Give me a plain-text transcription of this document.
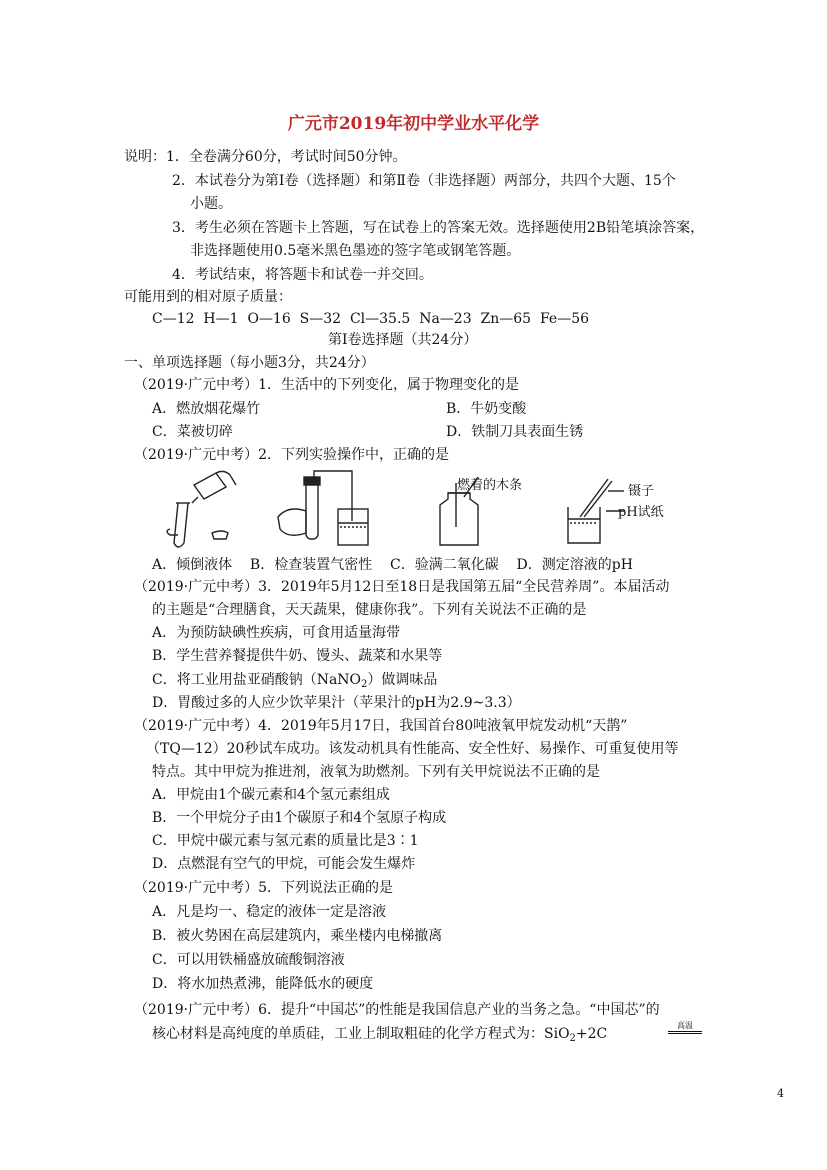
广元市2019年初中学业水平化学
说明：1．全卷满分60分，考试时间50分钟。
2．本试卷分为第Ⅰ卷（选择题）和第Ⅱ卷（非选择题）两部分，共四个大题、15个
小题。
3．考生必须在答题卡上答题，写在试卷上的答案无效。选择题使用2B铅笔填涂答案，
非选择题使用0.5毫米黑色墨迹的签字笔或钢笔答题。
4．考试结束，将答题卡和试卷一并交回。
可能用到的相对原子质量：
C—12  H—1  O—16  S—32  Cl—35.5  Na—23  Zn—65  Fe—56
第Ⅰ卷选择题（共24分）
一、单项选择题（每小题3分，共24分）
（2019·广元中考）1．生活中的下列变化，属于物理变化的是
A．燃放烟花爆竹	B．牛奶变酸
C．菜被切碎	D．铁制刀具表面生锈
（2019·广元中考）2．下列实验操作中，正确的是
燃着的木条	镊子
pH试纸
A．倾倒液体    B．检查装置气密性    C．验满二氧化碳    D．测定溶液的pH
（2019·广元中考）3．2019年5月12日至18日是我国第五届“全民营养周”。本届活动
的主题是“合理膳食，天天蔬果，健康你我”。下列有关说法不正确的是
A．为预防缺碘性疾病，可食用适量海带
B．学生营养餐提供牛奶、馒头、蔬菜和水果等
C．将工业用盐亚硝酸钠（NaNO$_2$）做调味品
D．胃酸过多的人应少饮苹果汁（苹果汁的pH为2.9~3.3）
（2019·广元中考）4．2019年5月17日，我国首台80吨液氧甲烷发动机“天鹊”
（TQ—12）20秒试车成功。该发动机具有性能高、安全性好、易操作、可重复使用等
特点。其中甲烷为推进剂，液氧为助燃剂。下列有关甲烷说法不正确的是
A．甲烷由1个碳元素和4个氢元素组成
B．一个甲烷分子由1个碳原子和4个氢原子构成
C．甲烷中碳元素与氢元素的质量比是3∶1
D．点燃混有空气的甲烷，可能会发生爆炸
（2019·广元中考）5．下列说法正确的是
A．凡是均一、稳定的液体一定是溶液
B．被火势困在高层建筑内，乘坐楼内电梯撤离
C．可以用铁桶盛放硫酸铜溶液
D．将水加热煮沸，能降低水的硬度
（2019·广元中考）6．提升“中国芯”的性能是我国信息产业的当务之急。“中国芯”的
核心材料是高纯度的单质硅，工业上制取粗硅的化学方程式为：SiO$_2$+2C
高温
4
